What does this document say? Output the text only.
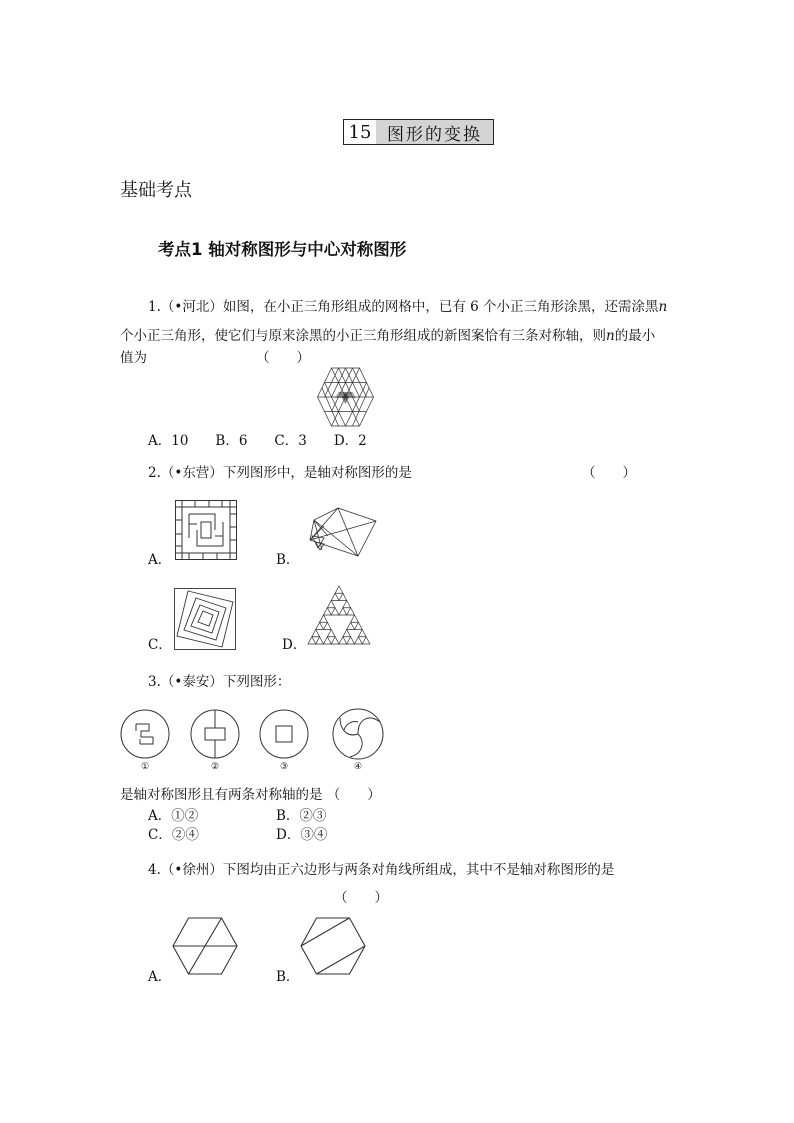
15 图形的变换
基础考点
考点1 轴对称图形与中心对称图形
1.（•河北）如图，在小正三角形组成的网格中，已有 6 个小正三角形涂黑，还需涂黑n
个小正三角形，使它们与原来涂黑的小正三角形组成的新图案恰有三条对称轴，则n的最小
值为	（　　）
A．10　　B．6　　C．3　　D．2
2.（•东营）下列图形中，是轴对称图形的是	（　　）
A．	B．
C．	D．
3.（•泰安）下列图形：
①	②	③	④
是轴对称图形且有两条对称轴的是 （　　）
A．①②	B．②③
C．②④	D．③④
4.（•徐州）下图均由正六边形与两条对角线所组成，其中不是轴对称图形的是
（　　）
A．	B．
